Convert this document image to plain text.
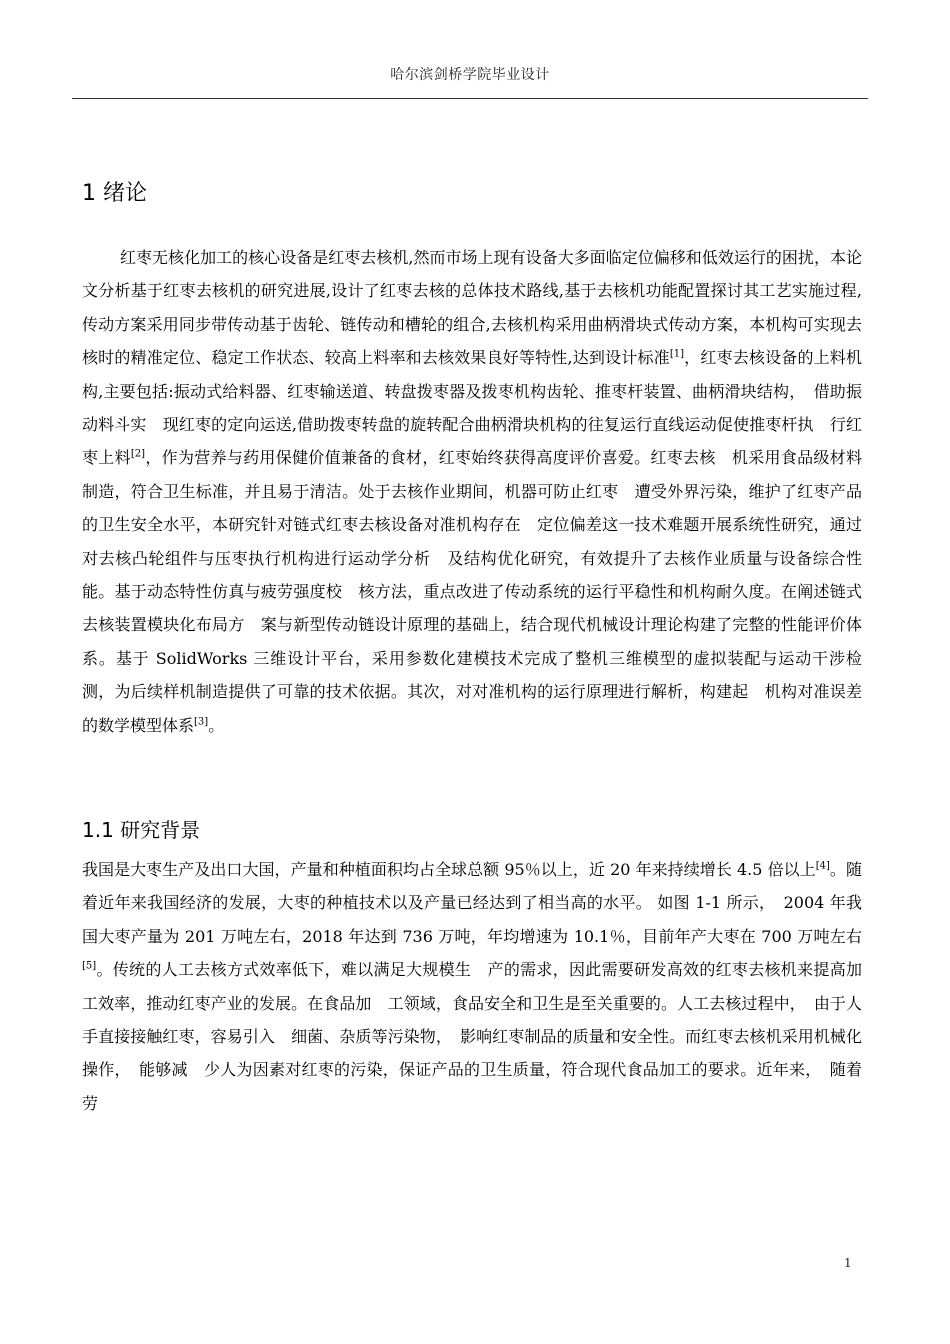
哈尔滨剑桥学院毕业设计
1 绪论

红枣无核化加工的核心设备是红枣去核机,然而市场上现有设备大多面临定位偏移和低效运行的困扰，本论文分析基于红枣去核机的研究进展,设计了红枣去核的总体技术路线,基于去核机功能配置探讨其工艺实施过程,传动方案采用同步带传动基于齿轮、链传动和槽轮的组合,去核机构采用曲柄滑块式传动方案，本机构可实现去核时的精准定位、稳定工作状态、较高上料率和去核效果良好等特性,达到设计标准[1]，红枣去核设备的上料机构,主要包括:振动式给料器、红枣输送道、转盘拨枣器及拨枣机构齿轮、推枣杆装置、曲柄滑块结构，　借助振动料斗实　现红枣的定向运送,借助拨枣转盘的旋转配合曲柄滑块机构的往复运行直线运动促使推枣杆执　行红枣上料[2]，作为营养与药用保健价值兼备的食材，红枣始终获得高度评价喜爱。红枣去核　机采用食品级材料制造，符合卫生标准，并且易于清洁。处于去核作业期间，机器可防止红枣　遭受外界污染，维护了红枣产品的卫生安全水平，本研究针对链式红枣去核设备对准机构存在　定位偏差这一技术难题开展系统性研究，通过对去核凸轮组件与压枣执行机构进行运动学分析　及结构优化研究，有效提升了去核作业质量与设备综合性能。基于动态特性仿真与疲劳强度校　核方法，重点改进了传动系统的运行平稳性和机构耐久度。在阐述链式去核装置模块化布局方　案与新型传动链设计原理的基础上，结合现代机械设计理论构建了完整的性能评价体系。基于 SolidWorks 三维设计平台，采用参数化建模技术完成了整机三维模型的虚拟装配与运动干涉检　测，为后续样机制造提供了可靠的技术依据。其次，对对准机构的运行原理进行解析，构建起　机构对准误差的数学模型体系[3]。

1.1 研究背景

我国是大枣生产及出口大国，产量和种植面积均占全球总额 95％以上，近 20 年来持续增长 4.5 倍以上[4]。随着近年来我国经济的发展，大枣的种植技术以及产量已经达到了相当高的水平。 如图 1-1 所示，　2004 年我国大枣产量为 201 万吨左右，2018 年达到 736 万吨，年均增速为 10.1％，目前年产大枣在 700 万吨左右[5]。传统的人工去核方式效率低下，难以满足大规模生　产的需求，因此需要研发高效的红枣去核机来提高加工效率，推动红枣产业的发展。在食品加　工领域，食品安全和卫生是至关重要的。人工去核过程中，　由于人手直接接触红枣，容易引入　细菌、杂质等污染物，　影响红枣制品的质量和安全性。而红枣去核机采用机械化操作，　能够减　少人为因素对红枣的污染，保证产品的卫生质量，符合现代食品加工的要求。近年来，　随着劳

1
